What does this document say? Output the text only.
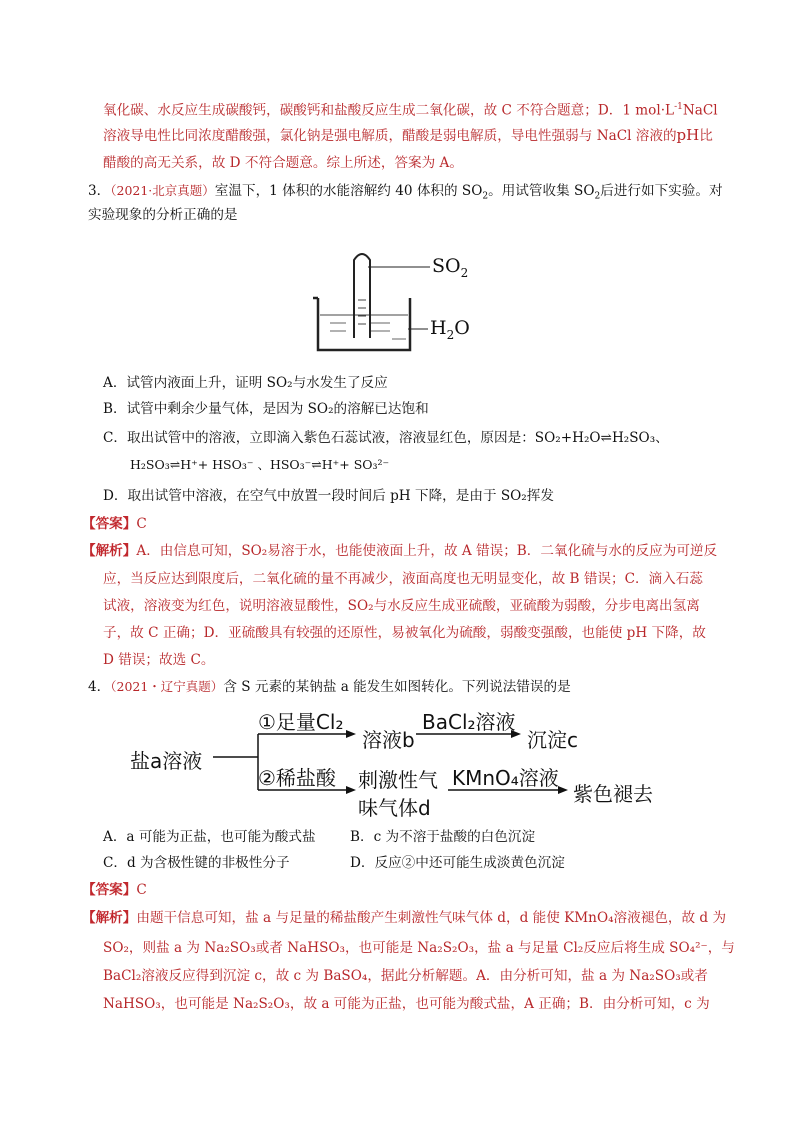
氧化碳、水反应生成碳酸钙，碳酸钙和盐酸反应生成二氧化碳，故 C 不符合题意；D．1 $mol\cdot L^{-1}NaCl$
溶液导电性比同浓度醋酸强，氯化钠是强电解质，醋酸是弱电解质，导电性强弱与 NaCl 溶液的pH比
醋酸的高无关系，故 D 不符合题意。综上所述，答案为 A。
3．（2021·北京真题）室温下，1 体积的水能溶解约 40 体积的 $SO_2$。用试管收集 $SO_2$后进行如下实验。对
实验现象的分析正确的是
$SO_2$
$H_2O$
A．试管内液面上升，证明 SO₂与水发生了反应
B．试管中剩余少量气体，是因为 SO₂的溶解已达饱和
C．取出试管中的溶液，立即滴入紫色石蕊试液，溶液显红色，原因是：SO₂+H₂O⇌H₂SO₃、
H₂SO₃⇌H⁺+ HSO₃⁻ 、HSO₃⁻⇌H⁺+ SO₃²⁻
D．取出试管中溶液，在空气中放置一段时间后 pH 下降，是由于 SO₂挥发
【答案】C
【解析】A．由信息可知，SO₂易溶于水，也能使液面上升，故 A 错误；B．二氧化硫与水的反应为可逆反
应，当反应达到限度后，二氧化硫的量不再减少，液面高度也无明显变化，故 B 错误；C．滴入石蕊
试液，溶液变为红色，说明溶液显酸性，SO₂与水反应生成亚硫酸，亚硫酸为弱酸，分步电离出氢离
子，故 C 正确；D．亚硫酸具有较强的还原性，易被氧化为硫酸，弱酸变强酸，也能使 pH 下降，故
D 错误；故选 C。
4．（2021・辽宁真题）含 S 元素的某钠盐 a 能发生如图转化。下列说法错误的是
盐a溶液
①足量Cl₂
溶液b
BaCl₂溶液
沉淀c
②稀盐酸 刺激性气
味气体d
KMnO₄溶液
紫色褪去
A．a 可能为正盐，也可能为酸式盐	B．c 为不溶于盐酸的白色沉淀
C．d 为含极性键的非极性分子	D．反应②中还可能生成淡黄色沉淀
【答案】C
【解析】由题干信息可知，盐 a 与足量的稀盐酸产生刺激性气味气体 d，d 能使 KMnO₄溶液褪色，故 d 为
SO₂，则盐 a 为 Na₂SO₃或者 NaHSO₃，也可能是 Na₂S₂O₃，盐 a 与足量 Cl₂反应后将生成 SO₄²⁻，与
BaCl₂溶液反应得到沉淀 c，故 c 为 BaSO₄，据此分析解题。A．由分析可知，盐 a 为 Na₂SO₃或者
NaHSO₃，也可能是 Na₂S₂O₃，故 a 可能为正盐，也可能为酸式盐，A 正确；B．由分析可知，c 为
